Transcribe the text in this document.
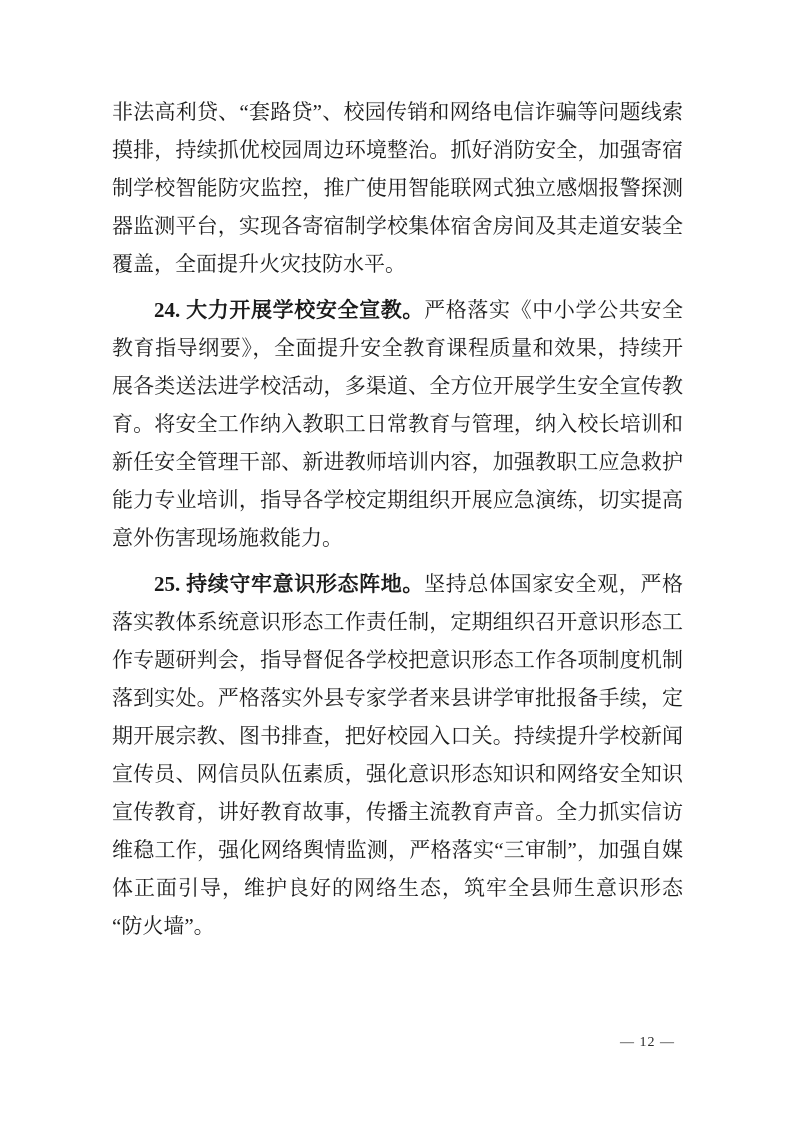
非法高利贷、“套路贷”、校园传销和网络电信诈骗等问题线索摸排，持续抓优校园周边环境整治。抓好消防安全，加强寄宿制学校智能防灾监控，推广使用智能联网式独立感烟报警探测器监测平台，实现各寄宿制学校集体宿舍房间及其走道安装全覆盖，全面提升火灾技防水平。

24. 大力开展学校安全宣教。严格落实《中小学公共安全教育指导纲要》，全面提升安全教育课程质量和效果，持续开展各类送法进学校活动，多渠道、全方位开展学生安全宣传教育。将安全工作纳入教职工日常教育与管理，纳入校长培训和新任安全管理干部、新进教师培训内容，加强教职工应急救护能力专业培训，指导各学校定期组织开展应急演练，切实提高意外伤害现场施救能力。

25. 持续守牢意识形态阵地。坚持总体国家安全观，严格落实教体系统意识形态工作责任制，定期组织召开意识形态工作专题研判会，指导督促各学校把意识形态工作各项制度机制落到实处。严格落实外县专家学者来县讲学审批报备手续，定期开展宗教、图书排查，把好校园入口关。持续提升学校新闻宣传员、网信员队伍素质，强化意识形态知识和网络安全知识宣传教育，讲好教育故事，传播主流教育声音。全力抓实信访维稳工作，强化网络舆情监测，严格落实“三审制”，加强自媒体正面引导，维护良好的网络生态，筑牢全县师生意识形态“防火墙”。

— 12 —
